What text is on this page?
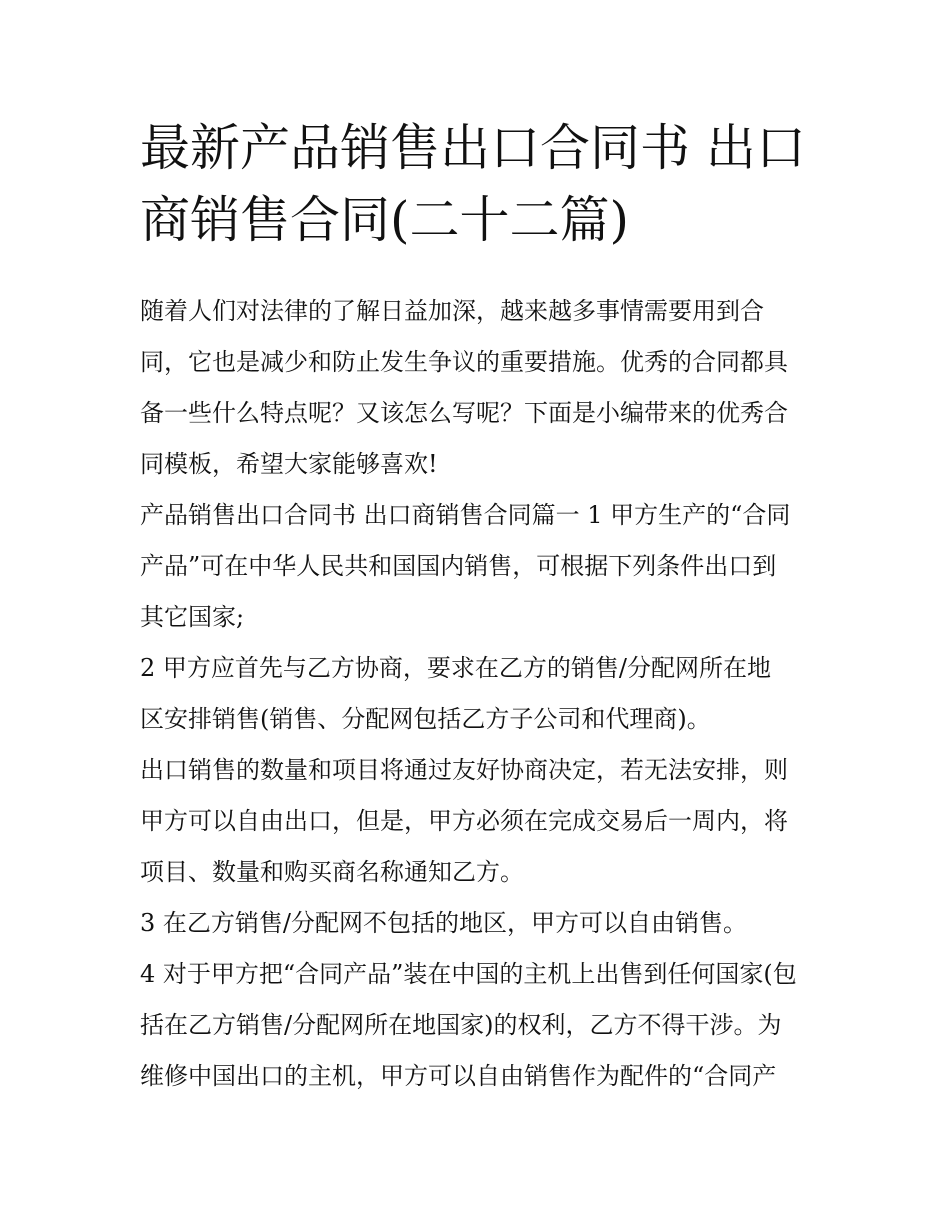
最新产品销售出口合同书 出口
商销售合同(二十二篇)
随着人们对法律的了解日益加深，越来越多事情需要用到合
同，它也是减少和防止发生争议的重要措施。优秀的合同都具
备一些什么特点呢？又该怎么写呢？下面是小编带来的优秀合
同模板，希望大家能够喜欢!
产品销售出口合同书 出口商销售合同篇一 1 甲方生产的“合同
产品”可在中华人民共和国国内销售，可根据下列条件出口到
其它国家;
2 甲方应首先与乙方协商，要求在乙方的销售/分配网所在地
区安排销售(销售、分配网包括乙方子公司和代理商)。
出口销售的数量和项目将通过友好协商决定，若无法安排，则
甲方可以自由出口，但是，甲方必须在完成交易后一周内，将
项目、数量和购买商名称通知乙方。
3 在乙方销售/分配网不包括的地区，甲方可以自由销售。
4 对于甲方把“合同产品”装在中国的主机上出售到任何国家(包
括在乙方销售/分配网所在地国家)的权利，乙方不得干涉。为
维修中国出口的主机，甲方可以自由销售作为配件的“合同产
